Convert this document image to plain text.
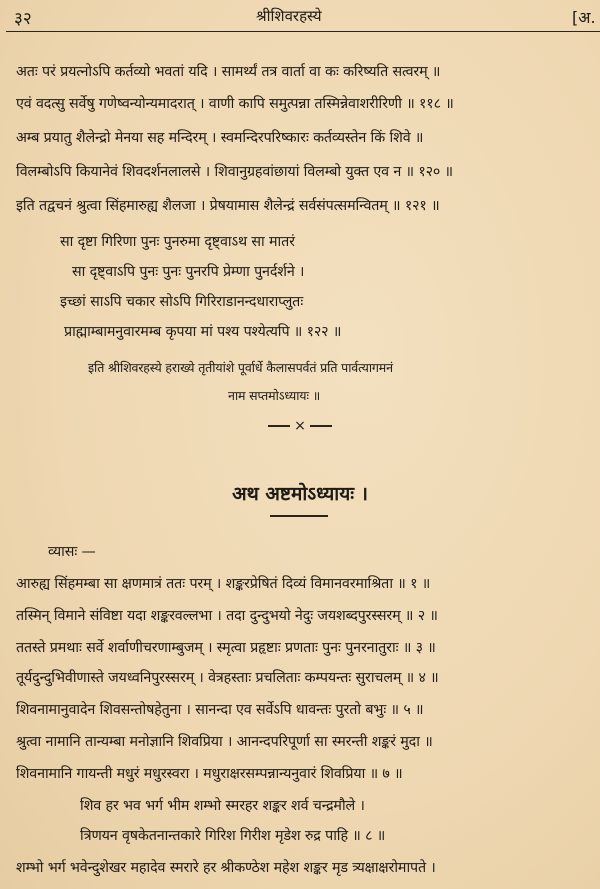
३२	श्रीशिवरहस्ये	[अ.
अतः परं प्रयत्नोऽपि कर्तव्यो भवतां यदि । सामर्थ्यं तत्र वार्ता वा कः करिष्यति सत्वरम् ॥
एवं वदत्सु सर्वेषु गणेष्वन्योन्यमादरात् । वाणी कापि समुत्पन्ना तस्मिन्नेवाशरीरिणी ॥ ११८ ॥
अम्ब प्रयातु शैलेन्द्रो मेनया सह मन्दिरम् । स्वमन्दिरपरिष्कारः कर्तव्यस्तेन किं शिवे ॥
विलम्बोऽपि कियानेवं शिवदर्शनलालसे । शिवानुग्रहवांछायां विलम्बो युक्त एव न ॥ १२० ॥
इति तद्वचनं श्रुत्वा सिंहमारुह्य शैलजा । प्रेषयामास शैलेन्द्रं सर्वसंपत्समन्वितम् ॥ १२१ ॥
सा दृष्टा गिरिणा पुनः पुनरुमा दृष्ट्वाऽथ सा मातरं
सा दृष्ट्वाऽपि पुनः पुनः पुनरपि प्रेम्णा पुनर्दर्शने ।
इच्छां साऽपि चकार सोऽपि गिरिराडानन्दधाराप्लुतः
प्राह्माम्बामनुवारमम्ब कृपया मां पश्य पश्येत्यपि ॥ १२२ ॥
इति श्रीशिवरहस्ये हराख्ये तृतीयांशे पूर्वार्धे कैलासपर्वतं प्रति पार्वत्यागमनं
नाम सप्तमोऽध्यायः ॥
×
अथ अष्टमोऽध्यायः ।
व्यासः —
आरुह्य सिंहमम्बा सा क्षणमात्रं ततः परम् । शङ्करप्रेषितं दिव्यं विमानवरमाश्रिता ॥ १ ॥
तस्मिन् विमाने संविष्टा यदा शङ्करवल्लभा । तदा दुन्दुभयो नेदुः जयशब्दपुरस्सरम् ॥ २ ॥
ततस्ते प्रमथाः सर्वे शर्वाणीचरणाम्बुजम् । स्मृत्वा प्रहृष्टाः प्रणताः पुनः पुनरनातुराः ॥ ३ ॥
तूर्यदुन्दुभिवीणास्ते जयध्वनिपुरस्सरम् । वेत्रहस्ताः प्रचलिताः कम्पयन्तः सुराचलम् ॥ ४ ॥
शिवनामानुवादेन शिवसन्तोषहेतुना । सानन्दा एव सर्वेऽपि धावन्तः पुरतो बभुः ॥ ५ ॥
श्रुत्वा नामानि तान्यम्बा मनोज्ञानि शिवप्रिया । आनन्दपरिपूर्णा सा स्मरन्ती शङ्करं मुदा ॥
शिवनामानि गायन्ती मधुरं मधुरस्वरा । मधुराक्षरसम्पन्नान्यनुवारं शिवप्रिया ॥ ७ ॥
शिव हर भव भर्ग भीम शम्भो स्मरहर शङ्कर शर्व चन्द्रमौले ।
त्रिणयन वृषकेतनान्तकारे गिरिश गिरीश मृडेश रुद्र पाहि ॥ ८ ॥
शम्भो भर्ग भवेन्दुशेखर महादेव स्मरारे हर श्रीकण्ठेश महेश शङ्कर मृड त्र्यक्षाक्षरोमापते ।
